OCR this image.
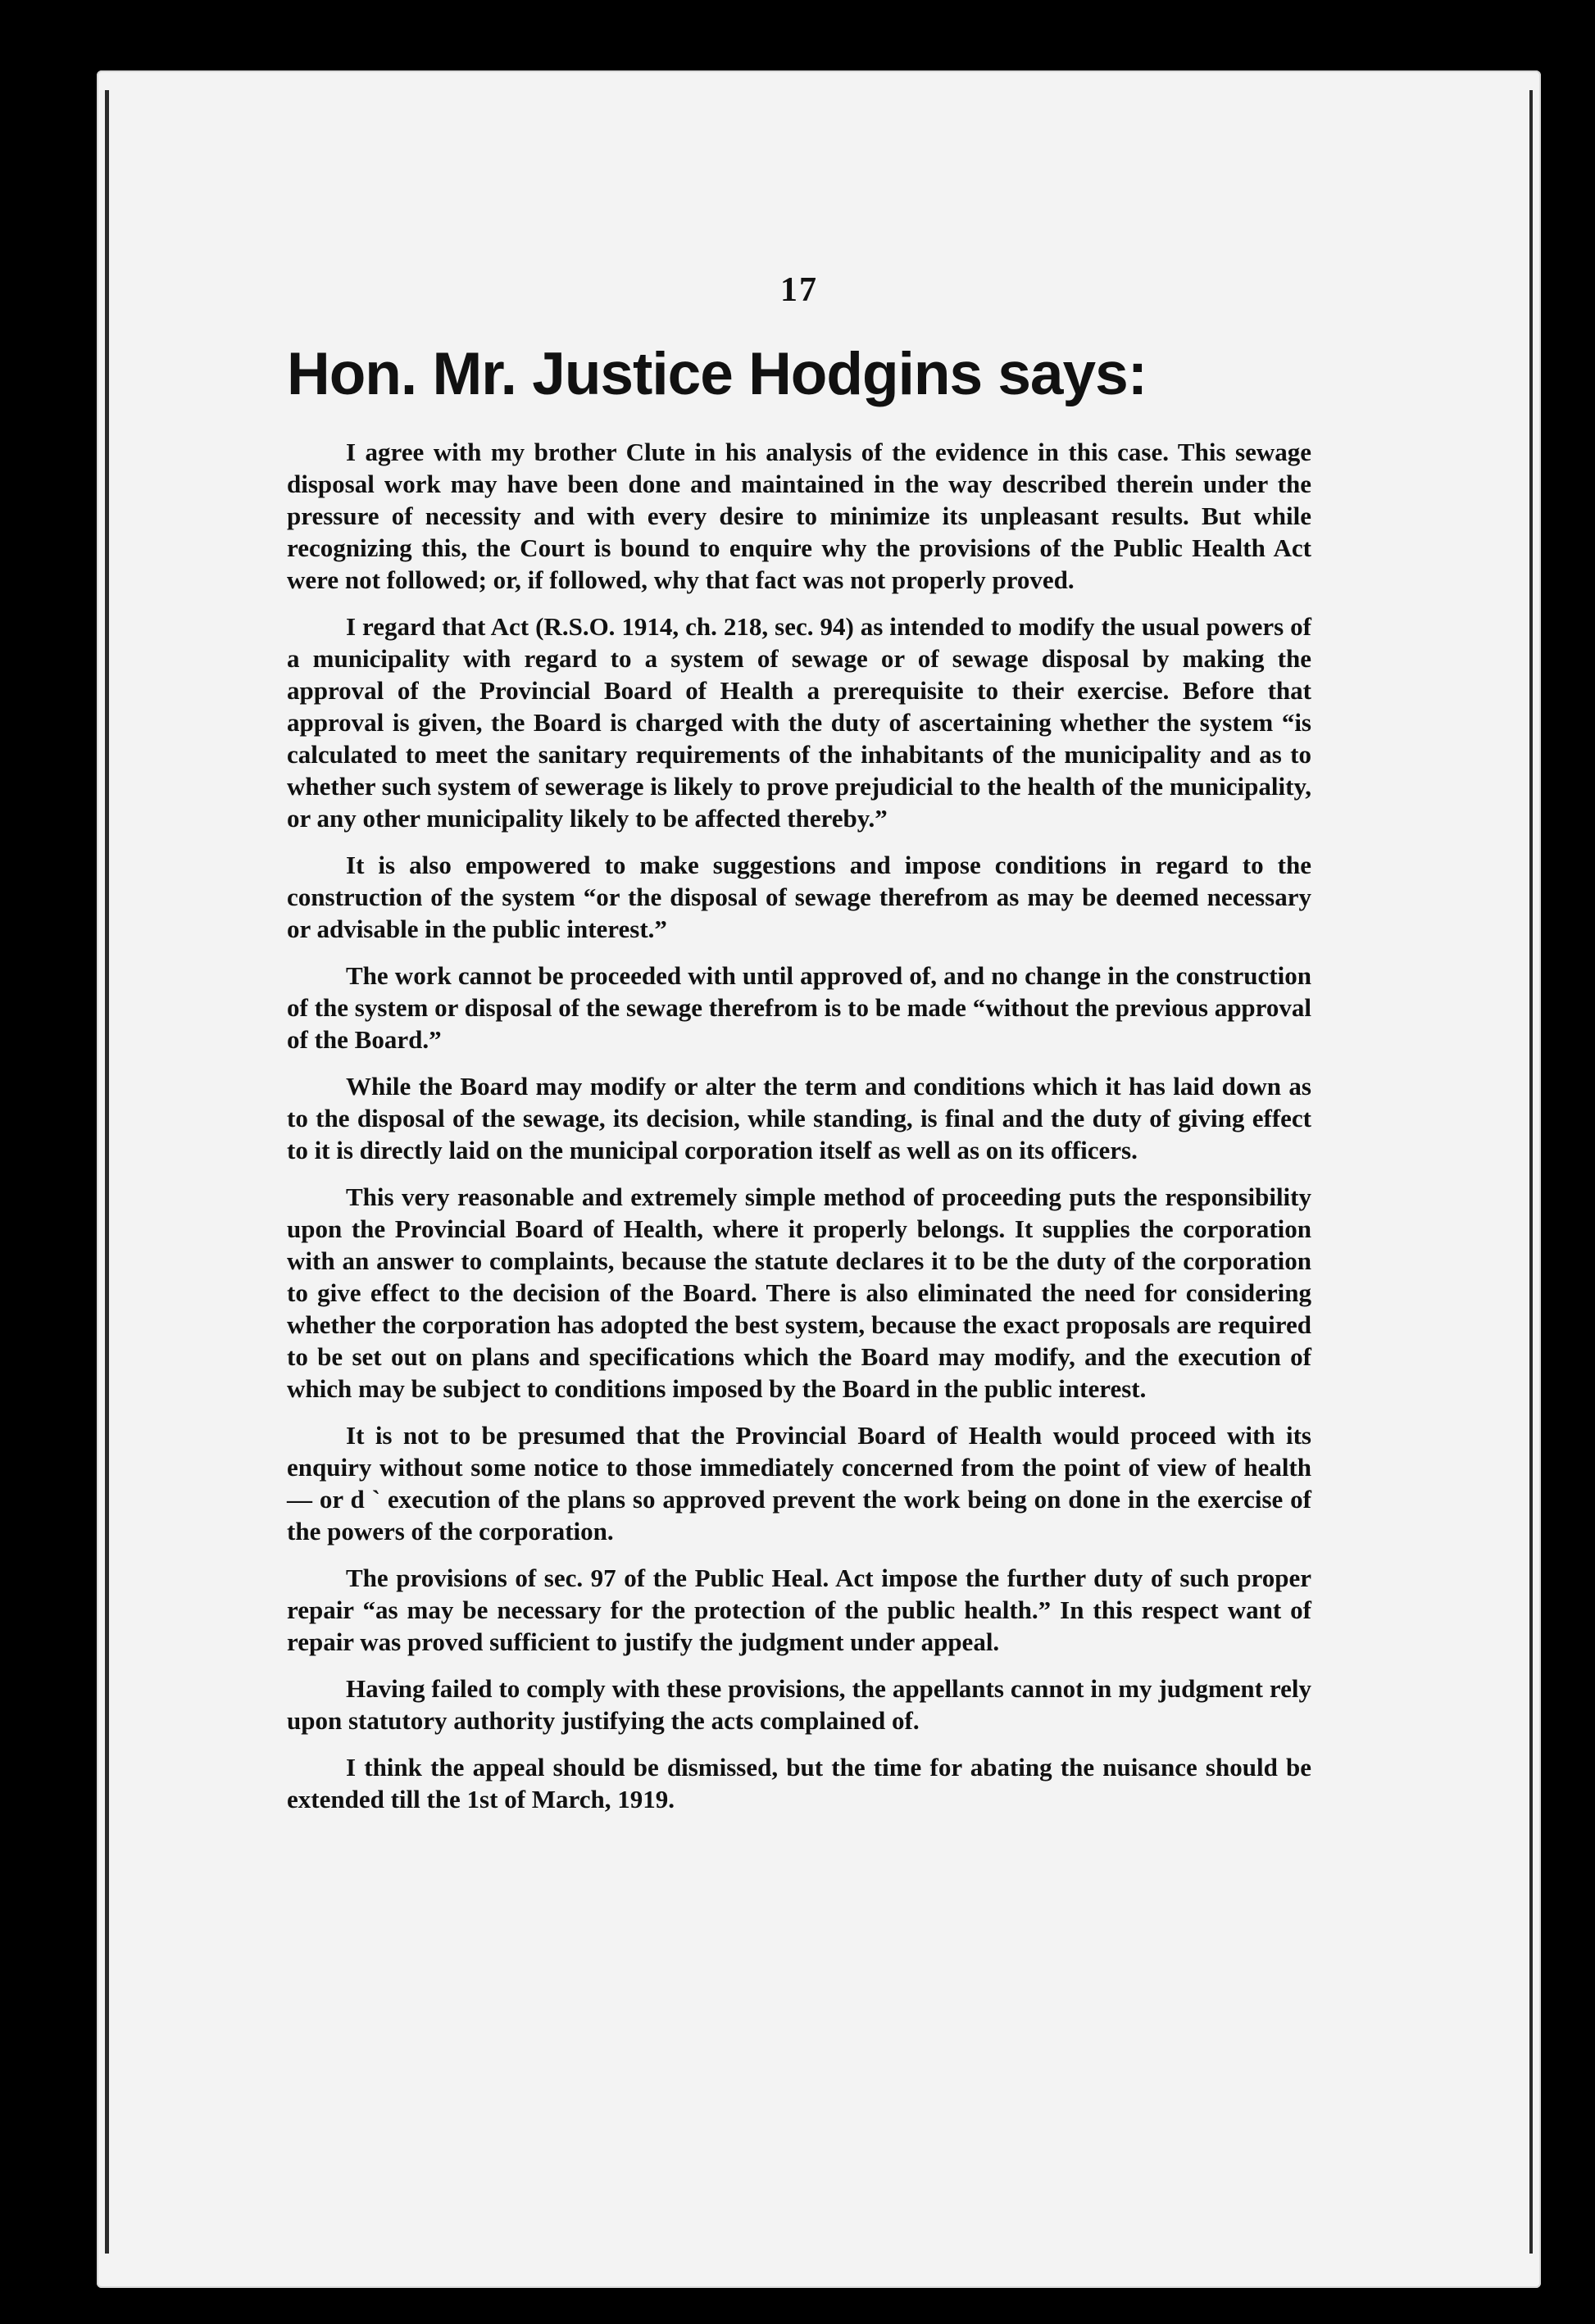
17
Hon. Mr. Justice Hodgins says:

I agree with my brother Clute in his analysis of the evidence in this case. This sewage disposal work may have been done and maintained in the way described therein under the pressure of necessity and with every desire to minimize its unpleasant results. But while recognizing this, the Court is bound to enquire why the provisions of the Public Health Act were not followed; or, if followed, why that fact was not properly proved.

I regard that Act (R.S.O. 1914, ch. 218, sec. 94) as intended to modify the usual powers of a municipality with regard to a system of sewage or of sewage disposal by making the approval of the Provincial Board of Health a prerequisite to their exercise. Before that approval is given, the Board is charged with the duty of ascertaining whether the system “is calculated to meet the sanitary requirements of the inhabitants of the municipality and as to whether such system of sewerage is likely to prove prejudicial to the health of the municipality, or any other municipality likely to be affected thereby.”

It is also empowered to make suggestions and impose conditions in regard to the construction of the system “or the disposal of sewage therefrom as may be deemed necessary or advisable in the public interest.”

The work cannot be proceeded with until approved of, and no change in the construction of the system or disposal of the sewage therefrom is to be made “without the previous approval of the Board.”

While the Board may modify or alter the term and conditions which it has laid down as to the disposal of the sewage, its decision, while standing, is final and the duty of giving effect to it is directly laid on the municipal corporation itself as well as on its officers.

This very reasonable and extremely simple method of proceeding puts the responsibility upon the Provincial Board of Health, where it properly belongs. It supplies the corporation with an answer to complaints, because the statute declares it to be the duty of the corporation to give effect to the decision of the Board. There is also eliminated the need for considering whether the corporation has adopted the best system, because the exact proposals are required to be set out on plans and specifications which the Board may modify, and the execution of which may be subject to conditions imposed by the Board in the public interest.

It is not to be presumed that the Provincial Board of Health would proceed with its enquiry without some notice to those immediately concerned from the point of view of health— or d ` execution of the plans so approved prevent the work being on done in the exercise of the powers of the corporation.

The provisions of sec. 97 of the Public Heal. Act impose the further duty of such proper repair “as may be necessary for the protection of the public health.” In this respect want of repair was proved sufficient to justify the judgment under appeal.

Having failed to comply with these provisions, the appellants cannot in my judgment rely upon statutory authority justifying the acts complained of.

I think the appeal should be dismissed, but the time for abating the nuisance should be extended till the 1st of March, 1919.
